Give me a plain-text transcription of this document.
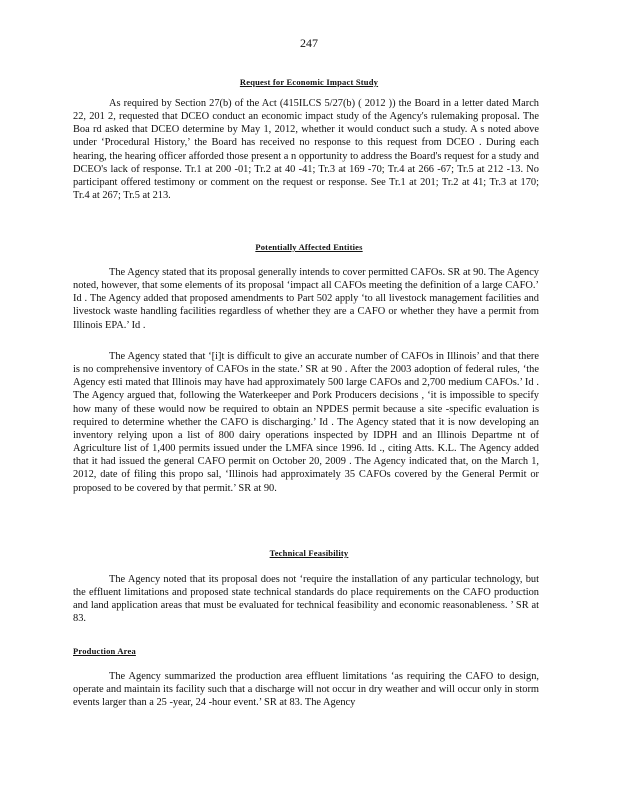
247
Request for Economic Impact Study

As required by Section 27(b) of the Act (415ILCS 5/27(b) ( 2012 )) the Board in a letter dated March 22, 201 2, requested that DCEO conduct an economic impact study of the Agency's rulemaking proposal. The Boa rd asked that DCEO determine by May 1, 2012, whether it would conduct such a study. A s noted above under ‘Procedural History,’ the Board has received no response to this request from DCEO . During each hearing, the hearing officer afforded those present a n opportunity to address the Board's request for a study and DCEO's lack of response. Tr.1 at 200 -01; Tr.2 at 40 -41; Tr.3 at 169 -70; Tr.4 at 266 -67; Tr.5 at 212 -13. No participant offered testimony or comment on the request or response. See Tr.1 at 201; Tr.2 at 41; Tr.3 at 170; Tr.4 at 267; Tr.5 at 213.

Potentially Affected Entities

The Agency stated that its proposal generally intends to cover permitted CAFOs. SR at 90. The Agency noted, however, that some elements of its proposal ‘impact all CAFOs meeting the definition of a large CAFO.’ Id . The Agency added that proposed amendments to Part 502 apply ‘to all livestock management facilities and livestock waste handling facilities regardless of whether they are a CAFO or whether they have a permit from Illinois EPA.’ Id .

The Agency stated that ‘[i]t is difficult to give an accurate number of CAFOs in Illinois’ and that there is no comprehensive inventory of CAFOs in the state.’ SR at 90 . After the 2003 adoption of federal rules, ‘the Agency esti mated that Illinois may have had approximately 500 large CAFOs and 2,700 medium CAFOs.’ Id . The Agency argued that, following the Waterkeeper and Pork Producers decisions , ‘it is impossible to specify how many of these would now be required to obtain an NPDES permit because a site -specific evaluation is required to determine whether the CAFO is discharging.’ Id . The Agency stated that it is now developing an inventory relying upon a list of 800 dairy operations inspected by IDPH and an Illinois Departme nt of Agriculture list of 1,400 permits issued under the LMFA since 1996. Id ., citing Atts. K.L. The Agency added that it had issued the general CAFO permit on October 20, 2009 . The Agency indicated that, on the March 1, 2012, date of filing this propo sal, ‘Illinois had approximately 35 CAFOs covered by the General Permit or proposed to be covered by that permit.’ SR at 90.

Technical Feasibility

The Agency noted that its proposal does not ‘require the installation of any particular technology, but the effluent limitations and proposed state technical standards do place requirements on the CAFO production and land application areas that must be evaluated for technical feasibility and economic reasonableness. ’ SR at 83.

Production Area

The Agency summarized the production area effluent limitations ‘as requiring the CAFO to design, operate and maintain its facility such that a discharge will not occur in dry weather and will occur only in storm events larger than a 25 -year, 24 -hour event.’ SR at 83. The Agency
